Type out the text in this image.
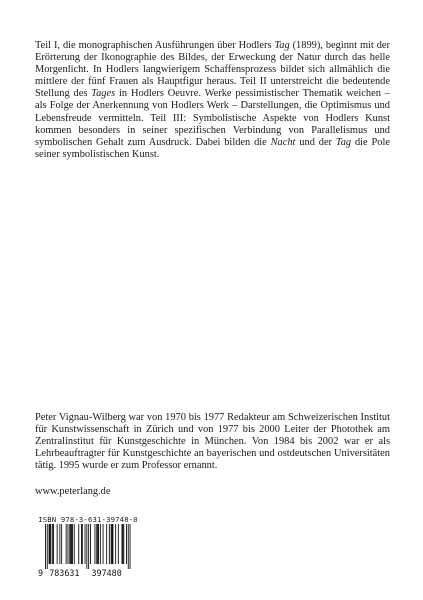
Teil I, die monographischen Ausführungen über Hodlers Tag (1899), beginnt mit der Erörterung der Ikonographie des Bildes, der Erweckung der Natur durch das helle Morgenlicht. In Hodlers langwierigem Schaffensprozess bildet sich allmählich die mittlere der fünf Frauen als Hauptfigur heraus. Teil II unterstreicht die bedeutende Stellung des Tages in Hodlers Oeuvre. Werke pessimistischer Thematik weichen – als Folge der Anerkennung von Hodlers Werk – Darstellungen, die Optimismus und Lebensfreude vermitteln. Teil III: Symbolistische Aspekte von Hodlers Kunst kommen besonders in seiner spezifischen Verbindung von Parallelismus und symbolischen Gehalt zum Ausdruck. Dabei bilden die Nacht und der Tag die Pole seiner symbolistischen Kunst.
Peter Vignau-Wilberg war von 1970 bis 1977 Redakteur am Schweizerischen Institut für Kunstwissenschaft in Zürich und von 1977 bis 2000 Leiter der Photothek am Zentralinstitut für Kunstgeschichte in München. Von 1984 bis 2002 war er als Lehrbeauftragter für Kunstgeschichte an bayerischen und ostdeutschen Universitäten tätig. 1995 wurde er zum Professor ernannt.
www.peterlang.de
ISBN 978-3-631-39748-0
9 783631 397480
